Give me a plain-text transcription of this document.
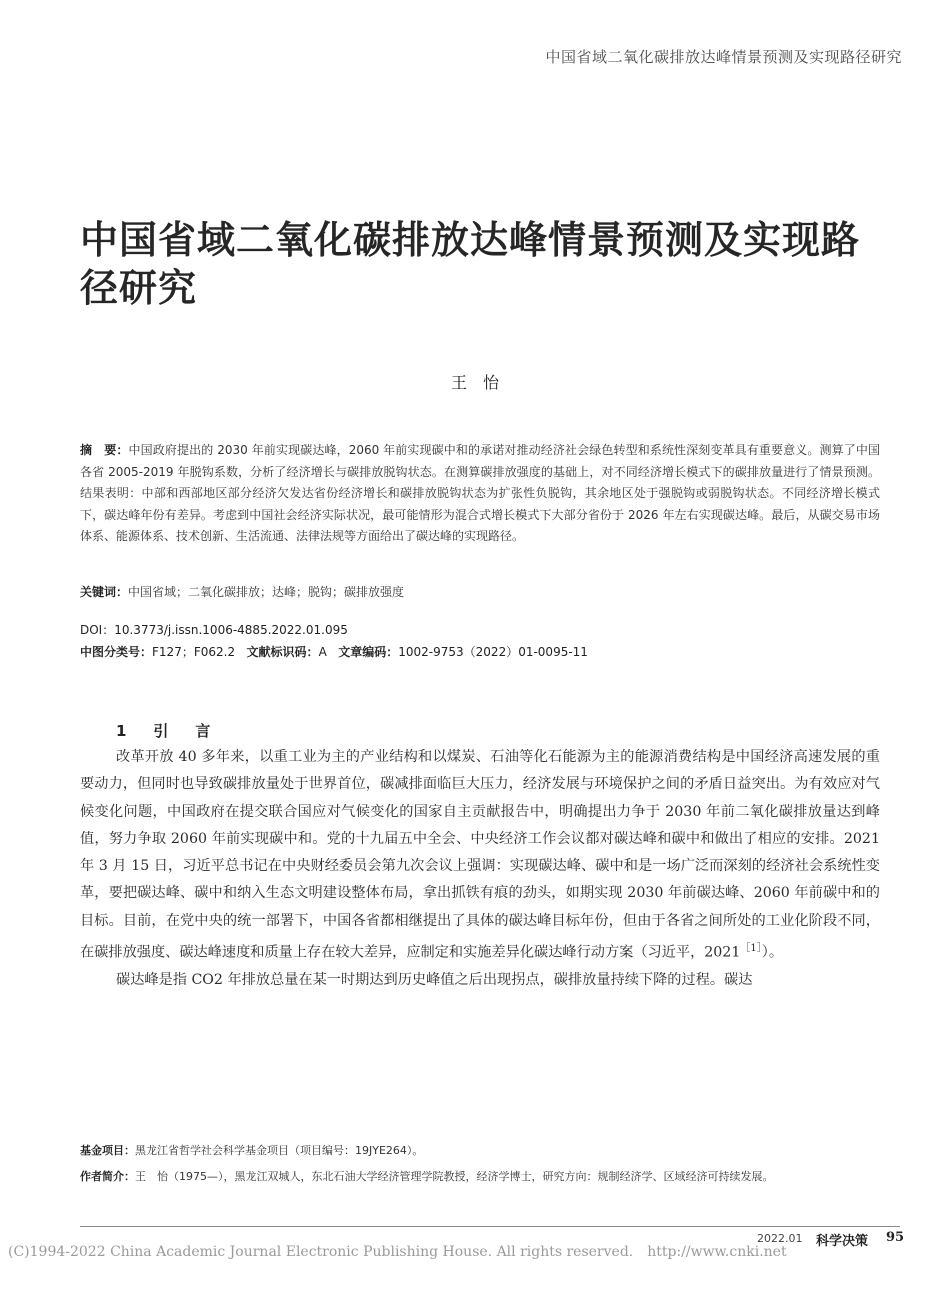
中国省域二氧化碳排放达峰情景预测及实现路径研究
中国省域二氧化碳排放达峰情景预测及实现路径研究
王　怡

摘　要：中国政府提出的 2030 年前实现碳达峰，2060 年前实现碳中和的承诺对推动经济社会绿色转型和系统性深刻变革具有重要意义。测算了中国各省 2005-2019 年脱钩系数，分析了经济增长与碳排放脱钩状态。在测算碳排放强度的基础上，对不同经济增长模式下的碳排放量进行了情景预测。结果表明：中部和西部地区部分经济欠发达省份经济增长和碳排放脱钩状态为扩张性负脱钩，其余地区处于强脱钩或弱脱钩状态。不同经济增长模式下，碳达峰年份有差异。考虑到中国社会经济实际状况，最可能情形为混合式增长模式下大部分省份于 2026 年左右实现碳达峰。最后，从碳交易市场体系、能源体系、技术创新、生活流通、法律法规等方面给出了碳达峰的实现路径。

关键词：中国省域；二氧化碳排放；达峰；脱钩；碳排放强度

DOI：10.3773/j.issn.1006-4885.2022.01.095

中图分类号：F127；F062.2 文献标识码：A 文章编码：1002-9753（2022）01-0095-11

1　引　言

改革开放 40 多年来，以重工业为主的产业结构和以煤炭、石油等化石能源为主的能源消费结构是中国经济高速发展的重要动力，但同时也导致碳排放量处于世界首位，碳减排面临巨大压力，经济发展与环境保护之间的矛盾日益突出。为有效应对气候变化问题，中国政府在提交联合国应对气候变化的国家自主贡献报告中，明确提出力争于 2030 年前二氧化碳排放量达到峰值，努力争取 2060 年前实现碳中和。党的十九届五中全会、中央经济工作会议都对碳达峰和碳中和做出了相应的安排。2021 年 3 月 15 日，习近平总书记在中央财经委员会第九次会议上强调：实现碳达峰、碳中和是一场广泛而深刻的经济社会系统性变革，要把碳达峰、碳中和纳入生态文明建设整体布局，拿出抓铁有痕的劲头，如期实现 2030 年前碳达峰、2060 年前碳中和的目标。目前，在党中央的统一部署下，中国各省都相继提出了具体的碳达峰目标年份，但由于各省之间所处的工业化阶段不同，在碳排放强度、碳达峰速度和质量上存在较大差异，应制定和实施差异化碳达峰行动方案（习近平，2021$^{[1]}$）。

碳达峰是指 CO2 年排放总量在某一时期达到历史峰值之后出现拐点，碳排放量持续下降的过程。碳达

基金项目：黑龙江省哲学社会科学基金项目（项目编号：19JYE264）。

作者简介：王　怡（1975—），黑龙江双城人，东北石油大学经济管理学院教授，经济学博士，研究方向：规制经济学、区域经济可持续发展。

2022.01 科学决策 95
(C)1994-2022 China Academic Journal Electronic Publishing House. All rights reserved. http://www.cnki.net
